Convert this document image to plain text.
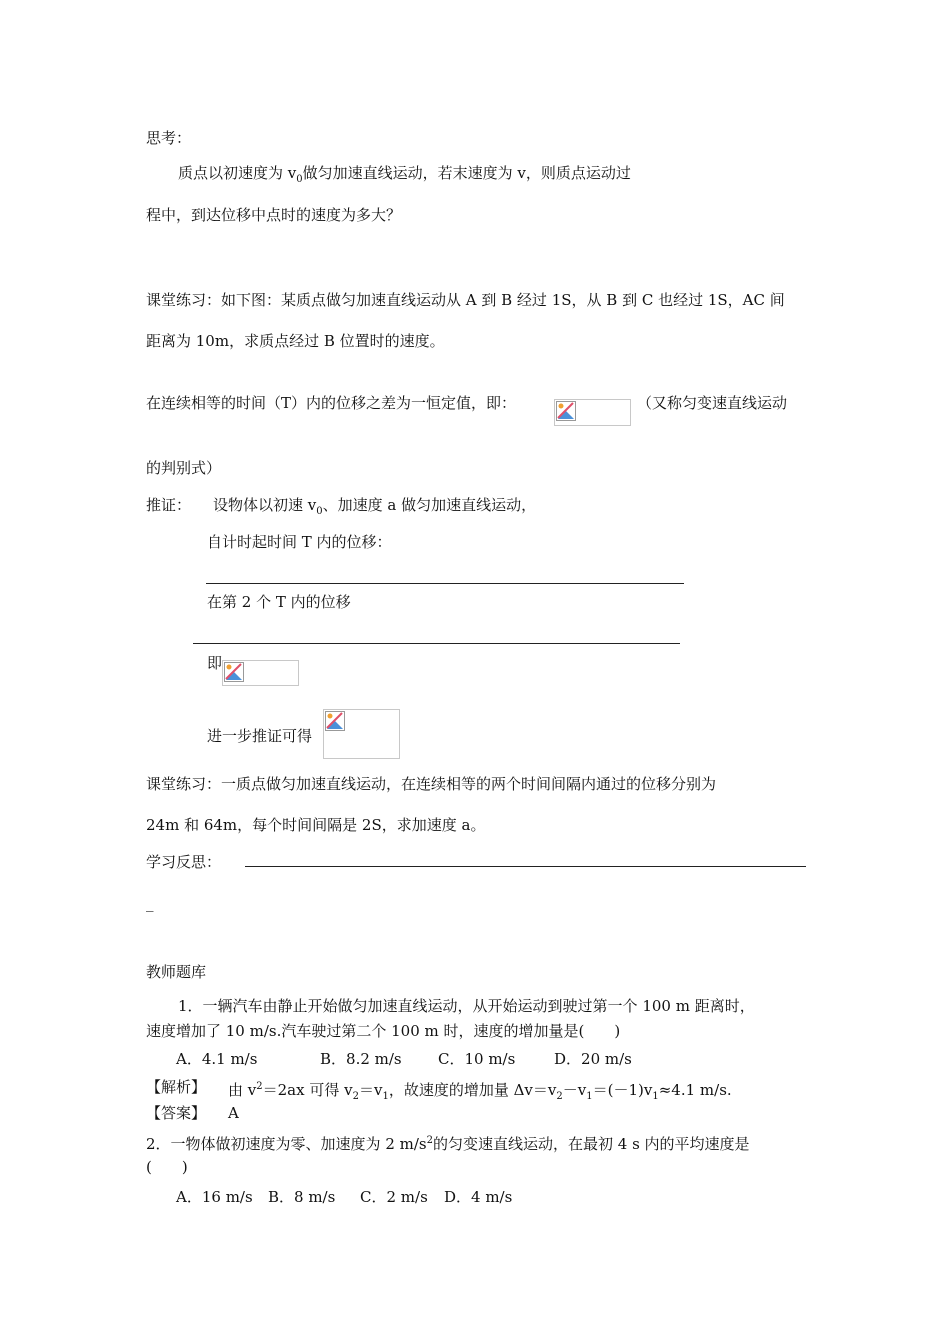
思考：
质点以初速度为 $v_0$做匀加速直线运动，若末速度为 v，则质点运动过
程中，到达位移中点时的速度为多大？
课堂练习：如下图：某质点做匀加速直线运动从 A 到 B 经过 1S，从 B 到 C 也经过 1S，AC 间
距离为 10m，求质点经过 B 位置时的速度。
在连续相等的时间（T）内的位移之差为一恒定值，即：	（又称匀变速直线运动
的判别式）
推证： 设物体以初速 $v_0$、加速度 a 做匀加速直线运动，
自计时起时间 T 内的位移：
在第 2 个 T 内的位移
即
进一步推证可得
课堂练习：一质点做匀加速直线运动，在连续相等的两个时间间隔内通过的位移分别为
24m 和 64m，每个时间间隔是 2S，求加速度 a。
学习反思：
_
教师题库
1．一辆汽车由静止开始做匀加速直线运动，从开始运动到驶过第一个 100 m 距离时，
速度增加了 10 m/s.汽车驶过第二个 100 m 时，速度的增加量是(　　)
A．4.1 m/s	B．8.2 m/s C．10 m/s	D．20 m/s
【解析】 由 $v^2=2ax$ 可得 $v_2=v_1$，故速度的增加量 $\Delta v=v_2-v_1=(-1)v_1\approx 4.1$ m/s.
【答案】 A
2．一物体做初速度为零、加速度为 2 $m/s^2$的匀变速直线运动，在最初 4 s 内的平均速度是
(　　)
A．16 m/s B．8 m/s C．2 m/s D．4 m/s
